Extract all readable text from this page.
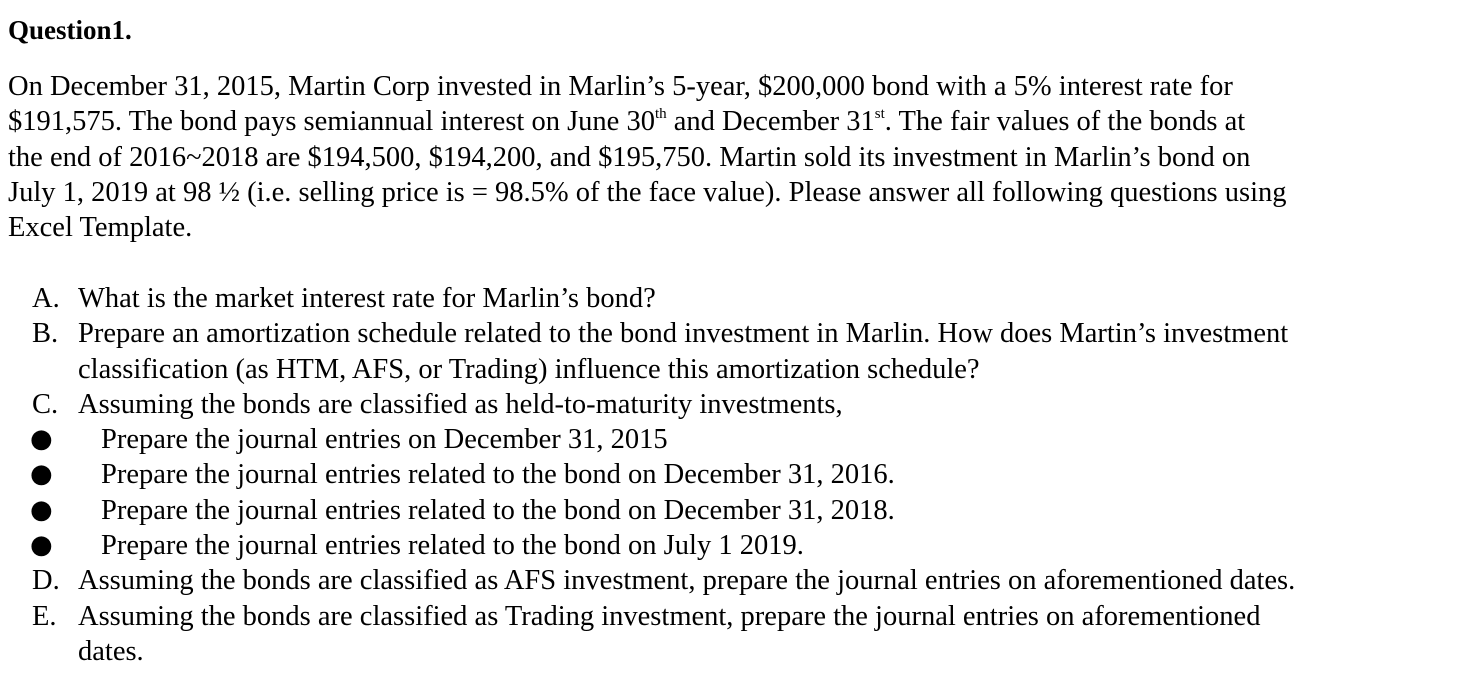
Question1.
On December 31, 2015, Martin Corp invested in Marlin’s 5-year, $200,000 bond with a 5% interest rate for
$191,575. The bond pays semiannual interest on June 30th and December 31st. The fair values of the bonds at
the end of 2016~2018 are $194,500, $194,200, and $195,750. Martin sold its investment in Marlin’s bond on
July 1, 2019 at 98 ½ (i.e. selling price is = 98.5% of the face value). Please answer all following questions using
Excel Template.
A. What is the market interest rate for Marlin’s bond?
B. Prepare an amortization schedule related to the bond investment in Marlin. How does Martin’s investment
classification (as HTM, AFS, or Trading) influence this amortization schedule?
C. Assuming the bonds are classified as held-to-maturity investments,
● Prepare the journal entries on December 31, 2015
● Prepare the journal entries related to the bond on December 31, 2016.
● Prepare the journal entries related to the bond on December 31, 2018.
● Prepare the journal entries related to the bond on July 1 2019.
D. Assuming the bonds are classified as AFS investment, prepare the journal entries on aforementioned dates.
E. Assuming the bonds are classified as Trading investment, prepare the journal entries on aforementioned
dates.
